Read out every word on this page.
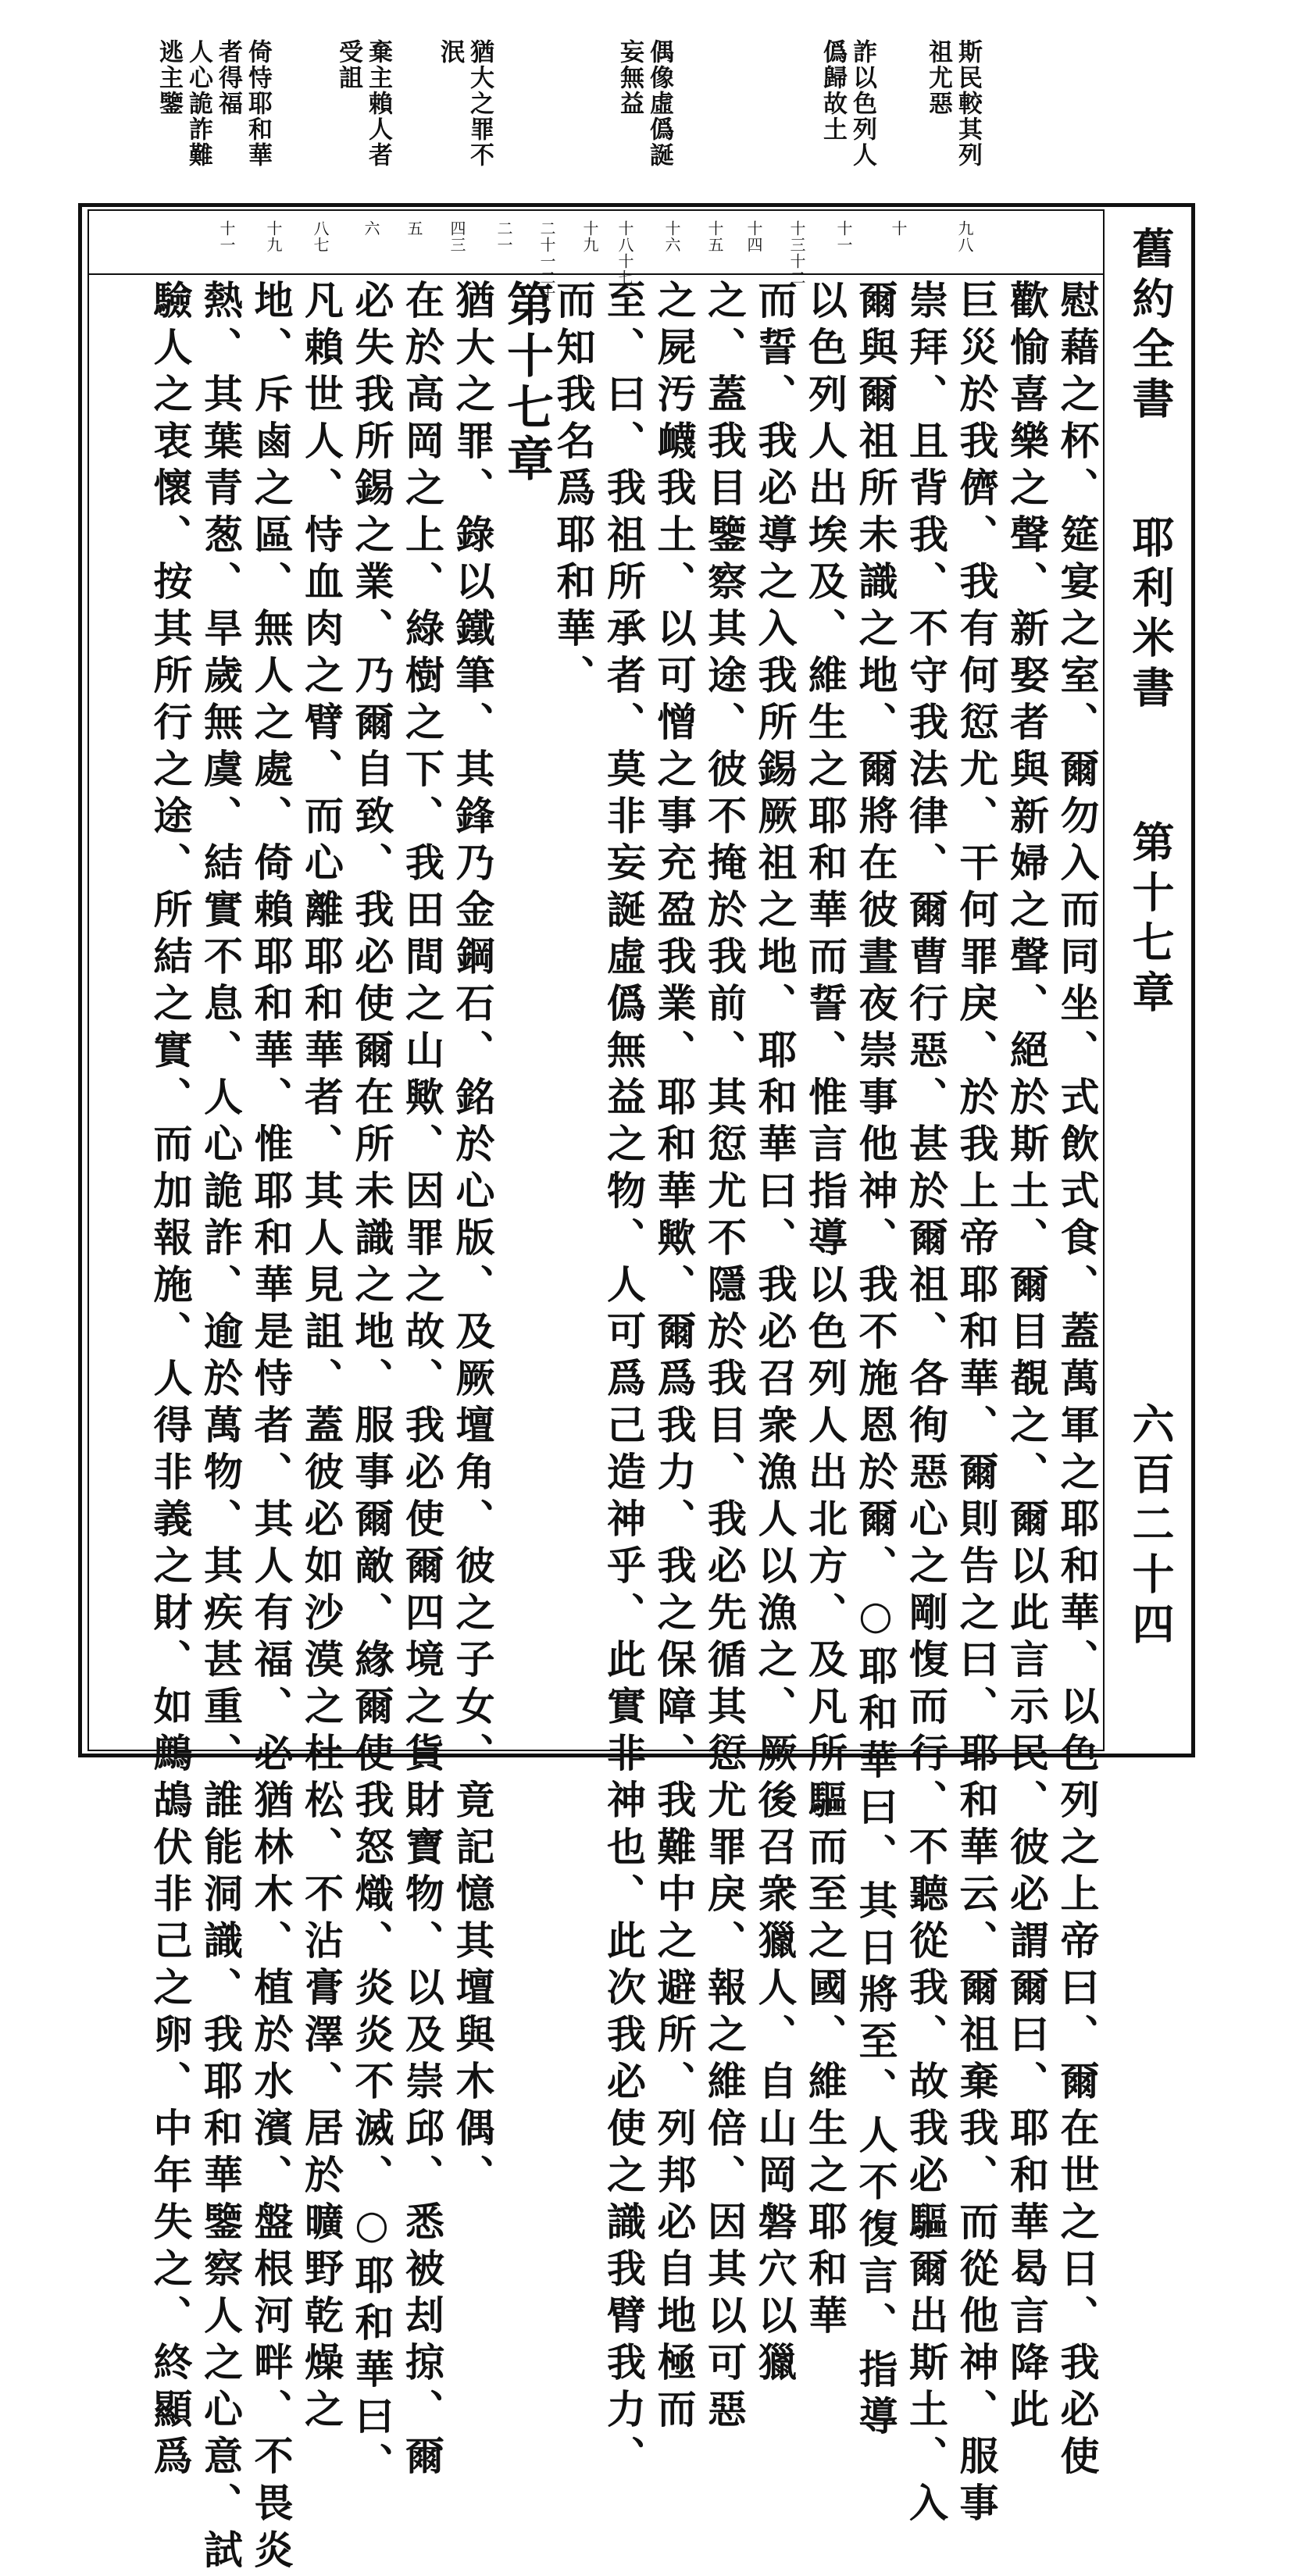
斯民較其列
祖尤惡
詐以色列人
僞歸故土
偶像虛僞誕
妄無益
猶大之罪不
泯
棄主賴人者
受詛
倚恃耶和華
者得福
人心詭詐難
逃主鑒
舊約全書
耶利米書
第十七章
六百二十四
九八
十
十一
十三十二
十四
十五
十六
十八十七
十九
二十一二十
二一
四三
五
六
八七
十九
十一
慰藉之杯、筵宴之室、爾勿入而同坐、式飲式食、蓋萬軍之耶和華、以色列之上帝曰、爾在世之日、我必使
歡愉喜樂之聲、新娶者與新婦之聲、絕於斯土、爾目覩之、爾以此言示民、彼必謂爾曰、耶和華曷言降此
巨災於我儕、我有何愆尤、干何罪戾、於我上帝耶和華、爾則告之曰、耶和華云、爾祖棄我、而從他神、服事
崇拜、且背我、不守我法律、爾曹行惡、甚於爾祖、各徇惡心之剛愎而行、不聽從我、故我必驅爾出斯土、入
爾與爾祖所未識之地、爾將在彼晝夜崇事他神、我不施恩於爾、○耶和華曰、其日將至、人不復言、指導
以色列人出埃及、維生之耶和華而誓、惟言指導以色列人出北方、及凡所驅而至之國、維生之耶和華
而誓、我必導之入我所錫厥祖之地、耶和華曰、我必召衆漁人以漁之、厥後召衆獵人、自山岡磐穴以獵
之、蓋我目鑒察其途、彼不掩於我前、其愆尤不隱於我目、我必先循其愆尤罪戾、報之維倍、因其以可惡
之屍汚衊我土、以可憎之事充盈我業、耶和華歟、爾爲我力、我之保障、我難中之避所、列邦必自地極而
至、曰、我祖所承者、莫非妄誕虛僞無益之物、人可爲己造神乎、此實非神也、此次我必使之識我臂我力、
而知我名爲耶和華、
第十七章
猶大之罪、錄以鐵筆、其鋒乃金鋼石、銘於心版、及厥壇角、彼之子女、竟記憶其壇與木偶、
在於高岡之上、綠樹之下、我田間之山歟、因罪之故、我必使爾四境之貨財寶物、以及崇邱、悉被刦掠、爾
必失我所錫之業、乃爾自致、我必使爾在所未識之地、服事爾敵、緣爾使我怒熾、炎炎不滅、○耶和華曰、
凡賴世人、恃血肉之臂、而心離耶和華者、其人見詛、蓋彼必如沙漠之杜松、不沾膏澤、居於曠野乾燥之
地、斥鹵之區、無人之處、倚賴耶和華、惟耶和華是恃者、其人有福、必猶林木、植於水濱、盤根河畔、不畏炎
熱、其葉青葱、旱歲無虞、結實不息、人心詭詐、逾於萬物、其疾甚重、誰能洞識、我耶和華鑒察人之心意、試
驗人之衷懷、按其所行之途、所結之實、而加報施、人得非義之財、如鷓鴣伏非己之卵、中年失之、終顯爲
